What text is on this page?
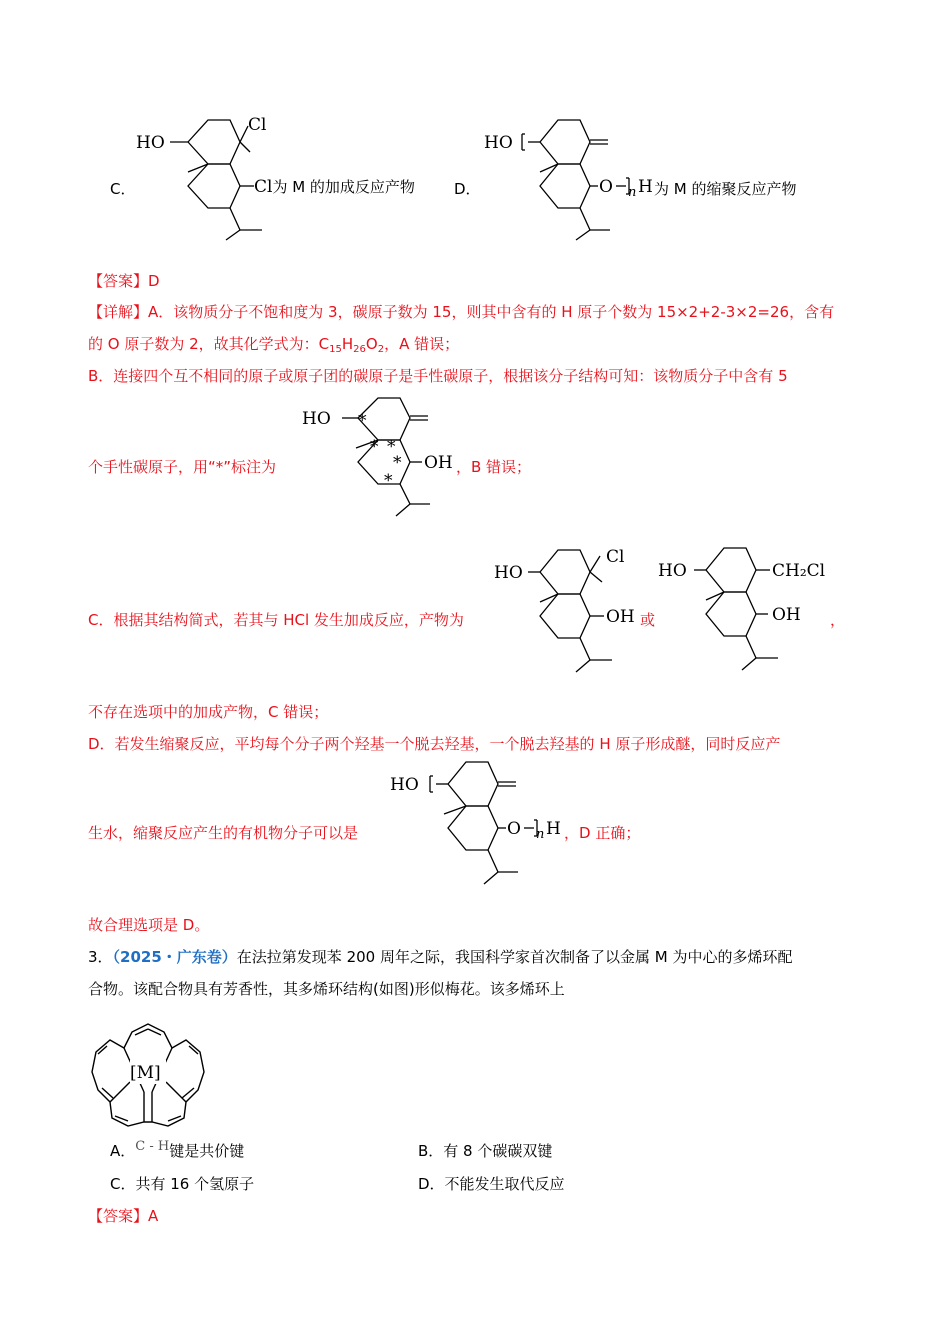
HO
Cl
C．	Cl为 M 的加成反应产物
HO
O n H
D．	为 M 的缩聚反应产物
【答案】D
【详解】A．该物质分子不饱和度为 3，碳原子数为 15，则其中含有的 H 原子个数为 15×2+2-3×2=26，含有
的 O 原子数为 2，故其化学式为：$C_{15}H_{26}O_2$，A 错误；
B．连接四个互不相同的原子或原子团的碳原子是手性碳原子，根据该分子结构可知：该物质分子中含有 5
HO
OH
*
* *
*
*
个手性碳原子，用“*”标注为	，B 错误；
HO
Cl
OH
HO	CH₂Cl
OH
C．根据其结构简式，若其与 HCl 发生加成反应，产物为	或	，
不存在选项中的加成产物，C 错误；
D．若发生缩聚反应，平均每个分子两个羟基一个脱去羟基，一个脱去羟基的 H 原子形成醚，同时反应产
HO
O n H
生水，缩聚反应产生的有机物分子可以是	，D 正确；
故合理选项是 D。
3．（2025・广东卷）在法拉第发现苯 200 周年之际，我国科学家首次制备了以金属 M 为中心的多烯环配
合物。该配合物具有芳香性，其多烯环结构(如图)形似梅花。该多烯环上
[M]
A．C - H键是共价键	B．有 8 个碳碳双键
C．共有 16 个氢原子	D．不能发生取代反应
【答案】A
